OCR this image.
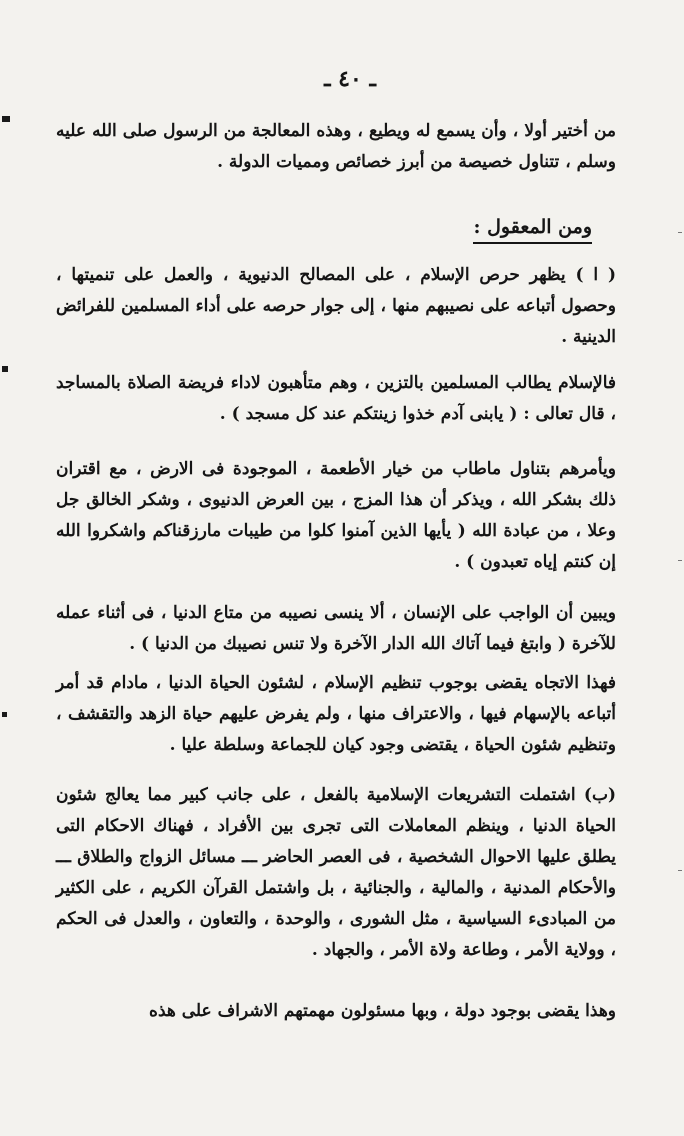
ـ ٤٠ ـ

من أختير أولا ، وأن يسمع له ويطيع ، وهذه المعالجة من الرسول صلى الله عليه وسلم ، تتناول خصيصة من أبرز خصائص ومميات الدولة .

ومن المعقول :

( ا ) يظهر حرص الإسلام ، على المصالح الدنيوية ، والعمل على تنميتها ، وحصول أتباعه على نصيبهم منها ، إلى جوار حرصه على أداء المسلمين للفرائض الدينية .

فالإسلام يطالب المسلمين بالتزين ، وهم متأهبون لاداء فريضة الصلاة بالمساجد ، قال تعالى : ( يابنى آدم خذوا زينتكم عند كل مسجد ) .

ويأمرهم بتناول ماطاب من خيار الأطعمة ، الموجودة فى الارض ، مع اقتران ذلك بشكر الله ، ويذكر أن هذا المزج ، بين العرض الدنيوى ، وشكر الخالق جل وعلا ، من عبادة الله ( يأيها الذين آمنوا كلوا من طيبات مارزقناكم واشكروا الله إن كنتم إياه تعبدون ) .

ويبين أن الواجب على الإنسان ، ألا ينسى نصيبه من متاع الدنيا ، فى أثناء عمله للآخرة ( وابتغ فيما آتاك الله الدار الآخرة ولا تنس نصيبك من الدنيا ) .

فهذا الاتجاه يقضى بوجوب تنظيم الإسلام ، لشئون الحياة الدنيا ، مادام قد أمر أتباعه بالإسهام فيها ، والاعتراف منها ، ولم يفرض عليهم حياة الزهد والتقشف ، وتنظيم شئون الحياة ، يقتضى وجود كيان للجماعة وسلطة عليا .

(ب) اشتملت التشريعات الإسلامية بالفعل ، على جانب كبير مما يعالج شئون الحياة الدنيا ، وينظم المعاملات التى تجرى بين الأفراد ، فهناك الاحكام التى يطلق عليها الاحوال الشخصية ، فى العصر الحاضر ـــ مسائل الزواج والطلاق ـــ والأحكام المدنية ، والمالية ، والجنائية ، بل واشتمل القرآن الكريم ، على الكثير من المبادىء السياسية ، مثل الشورى ، والوحدة ، والتعاون ، والعدل فى الحكم ، وولاية الأمر ، وطاعة ولاة الأمر ، والجهاد .

وهذا يقضى بوجود دولة ، وبها مسئولون مهمتهم الاشراف على هذه
